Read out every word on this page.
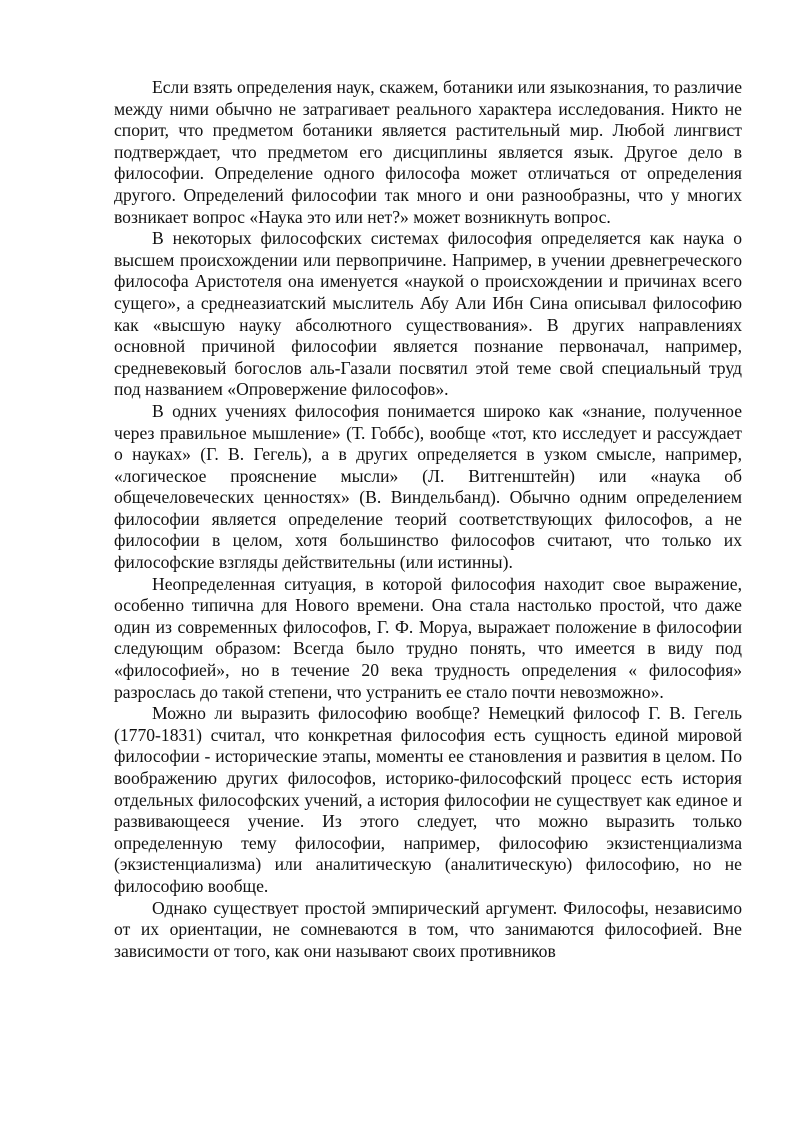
Если взять определения наук, скажем, ботаники или языкознания, то различие между ними обычно не затрагивает реального характера исследования. Никто не спорит, что предметом ботаники является растительный мир. Любой лингвист подтверждает, что предметом его дисциплины является язык. Другое дело в философии. Определение одного философа может отличаться от определения другого. Определений философии так много и они разнообразны, что у многих возникает вопрос «Наука это или нет?» может возникнуть вопрос.

В некоторых философских системах философия определяется как наука о высшем происхождении или первопричине. Например, в учении древнегреческого философа Аристотеля она именуется «наукой о происхождении и причинах всего сущего», а среднеазиатский мыслитель Абу Али Ибн Сина описывал философию как «высшую науку абсолютного существования». В других направлениях основной причиной философии является познание первоначал, например, средневековый богослов аль-Газали посвятил этой теме свой специальный труд под названием «Опровержение философов».

В одних учениях философия понимается широко как «знание, полученное через правильное мышление» (Т. Гоббс), вообще «тот, кто исследует и рассуждает о науках» (Г. В. Гегель), а в других определяется в узком смысле, например, «логическое прояснение мысли» (Л. Витгенштейн) или «наука об общечеловеческих ценностях» (В. Виндельбанд). Обычно одним определением философии является определение теорий соответствующих философов, а не философии в целом, хотя большинство философов считают, что только их философские взгляды действительны (или истинны).

Неопределенная ситуация, в которой философия находит свое выражение, особенно типична для Нового времени. Она стала настолько простой, что даже один из современных философов, Г. Ф. Моруа, выражает положение в философии следующим образом: Всегда было трудно понять, что имеется в виду под «философией», но в течение 20 века трудность определения « философия» разрослась до такой степени, что устранить ее стало почти невозможно».

Можно ли выразить философию вообще? Немецкий философ Г. В. Гегель (1770-1831) считал, что конкретная философия есть сущность единой мировой философии - исторические этапы, моменты ее становления и развития в целом. По воображению других философов, историко-философский процесс есть история отдельных философских учений, а история философии не существует как единое и развивающееся учение. Из этого следует, что можно выразить только определенную тему философии, например, философию экзистенциализма (экзистенциализма) или аналитическую (аналитическую) философию, но не философию вообще.

Однако существует простой эмпирический аргумент. Философы, независимо от их ориентации, не сомневаются в том, что занимаются философией. Вне зависимости от того, как они называют своих противников
